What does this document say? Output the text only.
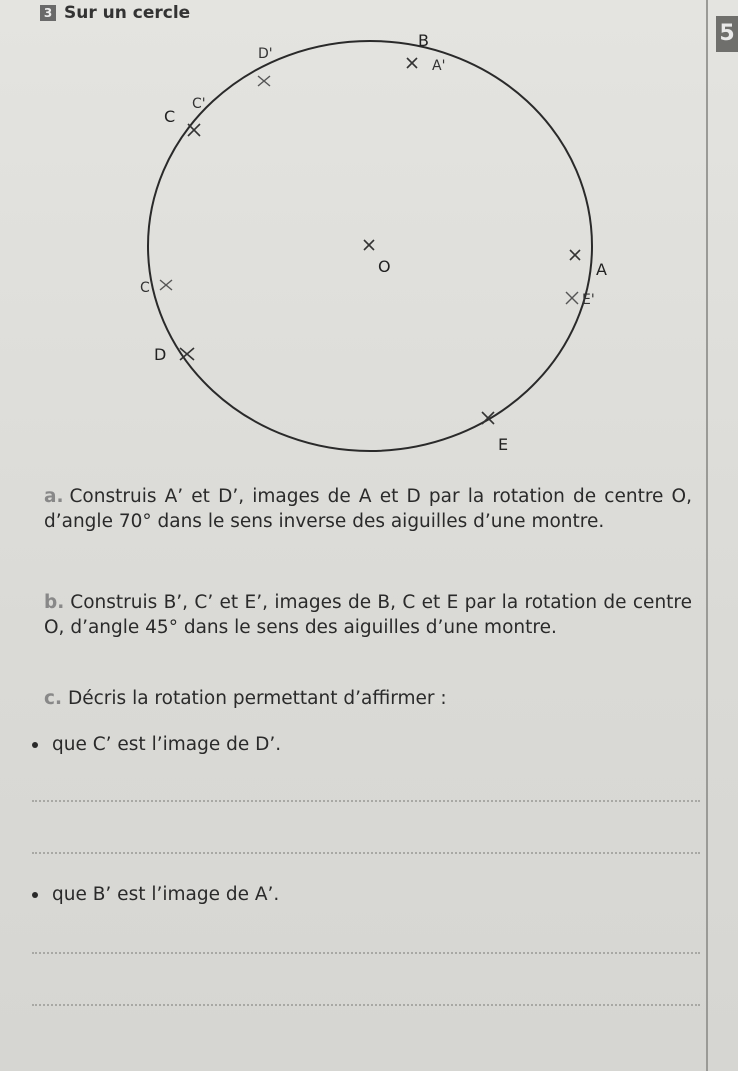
5
3 Sur un cercle
O
B
A'
D'
C
C'
C'
D
A
E'
E
a. Construis A’ et D’, images de A et D par la rotation de centre O, d’angle 70° dans le sens inverse des aiguilles d’une montre.
b. Construis B’, C’ et E’, images de B, C et E par la rotation de centre O, d’angle 45° dans le sens des aiguilles d’une montre.
c. Décris la rotation permettant d’affirmer :
que C’ est l’image de D’.
que B’ est l’image de A’.
